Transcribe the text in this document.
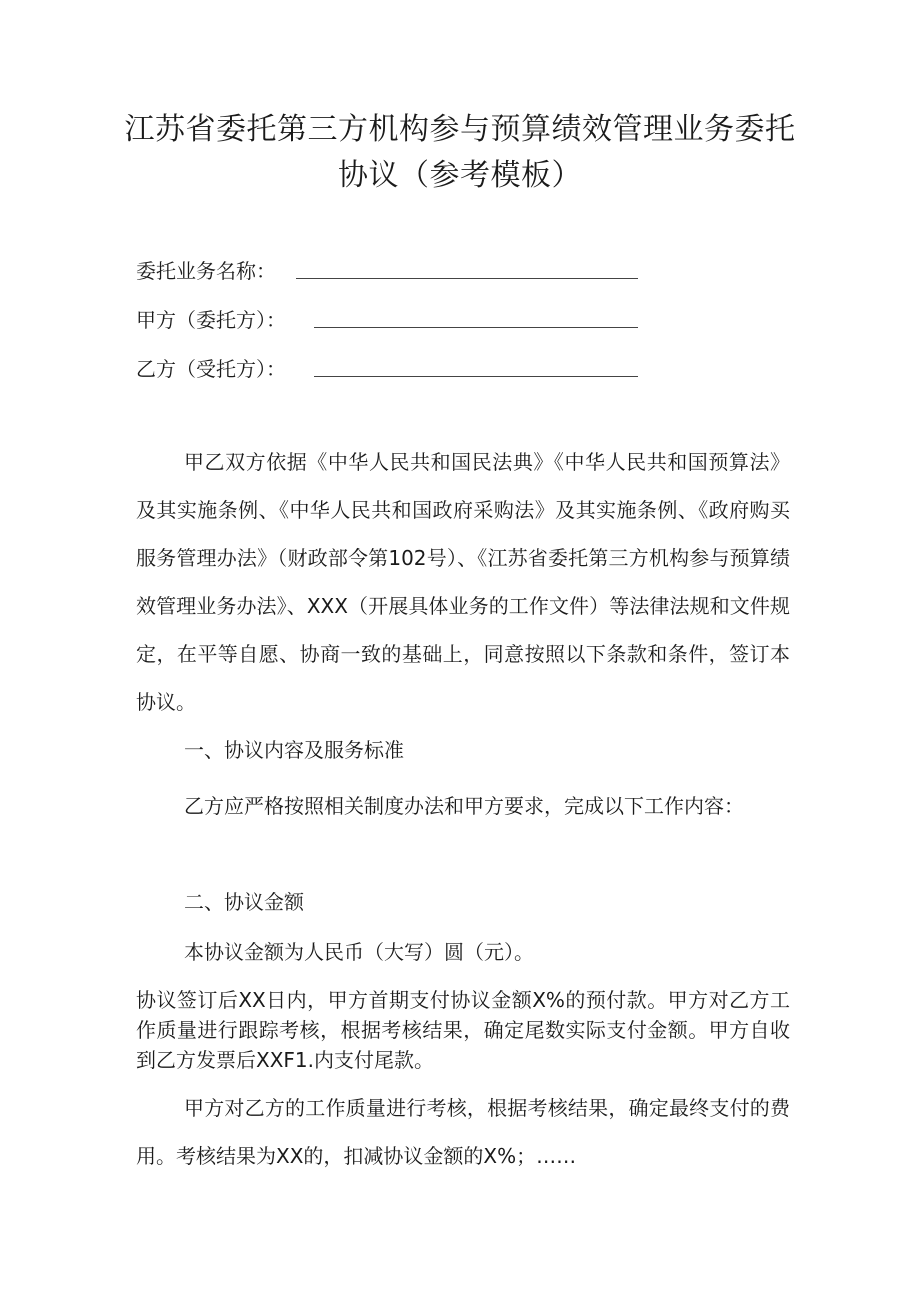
江苏省委托第三方机构参与预算绩效管理业务委托
协议（参考模板）
委托业务名称：
甲方（委托方）：
乙方（受托方）：

甲乙双方依据《中华人民共和国民法典》《中华人民共和国预算法》及其实施条例、《中华人民共和国政府采购法》及其实施条例、《政府购买服务管理办法》（财政部令第102号）、《江苏省委托第三方机构参与预算绩效管理业务办法》、XXX（开展具体业务的工作文件）等法律法规和文件规定，在平等自愿、协商一致的基础上，同意按照以下条款和条件，签订本协议。

一、协议内容及服务标准

乙方应严格按照相关制度办法和甲方要求，完成以下工作内容：

二、协议金额

本协议金额为人民币（大写）圆（元）。

协议签订后XX日内，甲方首期支付协议金额X%的预付款。甲方对乙方工作质量进行跟踪考核，根据考核结果，确定尾数实际支付金额。甲方自收到乙方发票后XXF1.内支付尾款。

甲方对乙方的工作质量进行考核，根据考核结果，确定最终支付的费用。考核结果为XX的，扣减协议金额的X%；……
